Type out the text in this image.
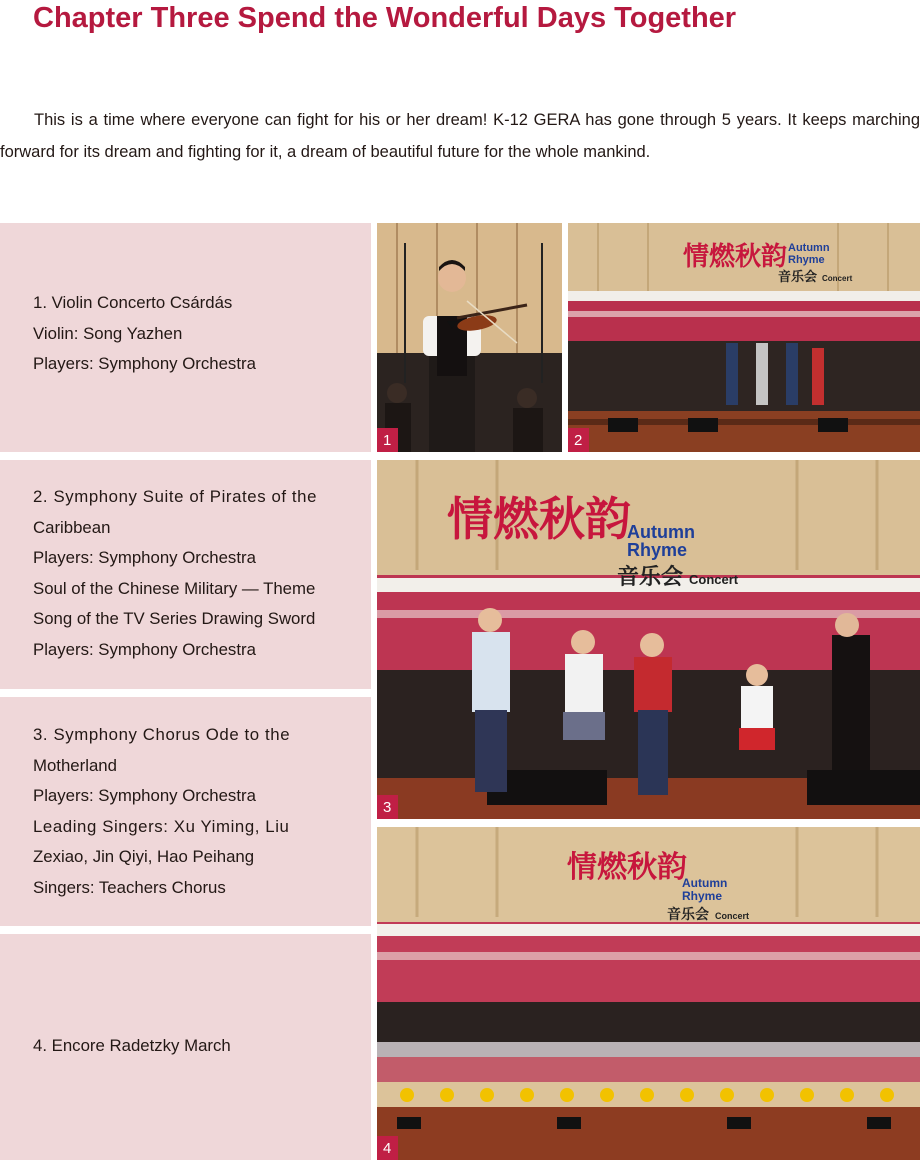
Chapter Three Spend the Wonderful Days Together

This is a time where everyone can fight for his or her dream! K-12 GERA has gone through 5 years. It keeps marching forward for its dream and fighting for it, a dream of beautiful future for the whole mankind.

1. Violin Concerto Csárdás
Violin: Song Yazhen
Players: Symphony Orchestra
2. Symphony Suite of Pirates of the
Caribbean
Players: Symphony Orchestra
Soul of the Chinese Military — Theme
Song of the TV Series Drawing Sword
Players: Symphony Orchestra
3. Symphony Chorus Ode to the
Motherland
Players: Symphony Orchestra
Leading Singers: Xu Yiming, Liu
Zexiao, Jin Qiyi, Hao Peihang
Singers: Teachers Chorus
4. Encore Radetzky March
1
情燃秋韵 Autumn
Rhyme
音乐会 Concert
2
情燃秋韵
Autumn
Rhyme
音乐会 Concert
3
情燃秋韵
Autumn
Rhyme
音乐会 Concert
4
